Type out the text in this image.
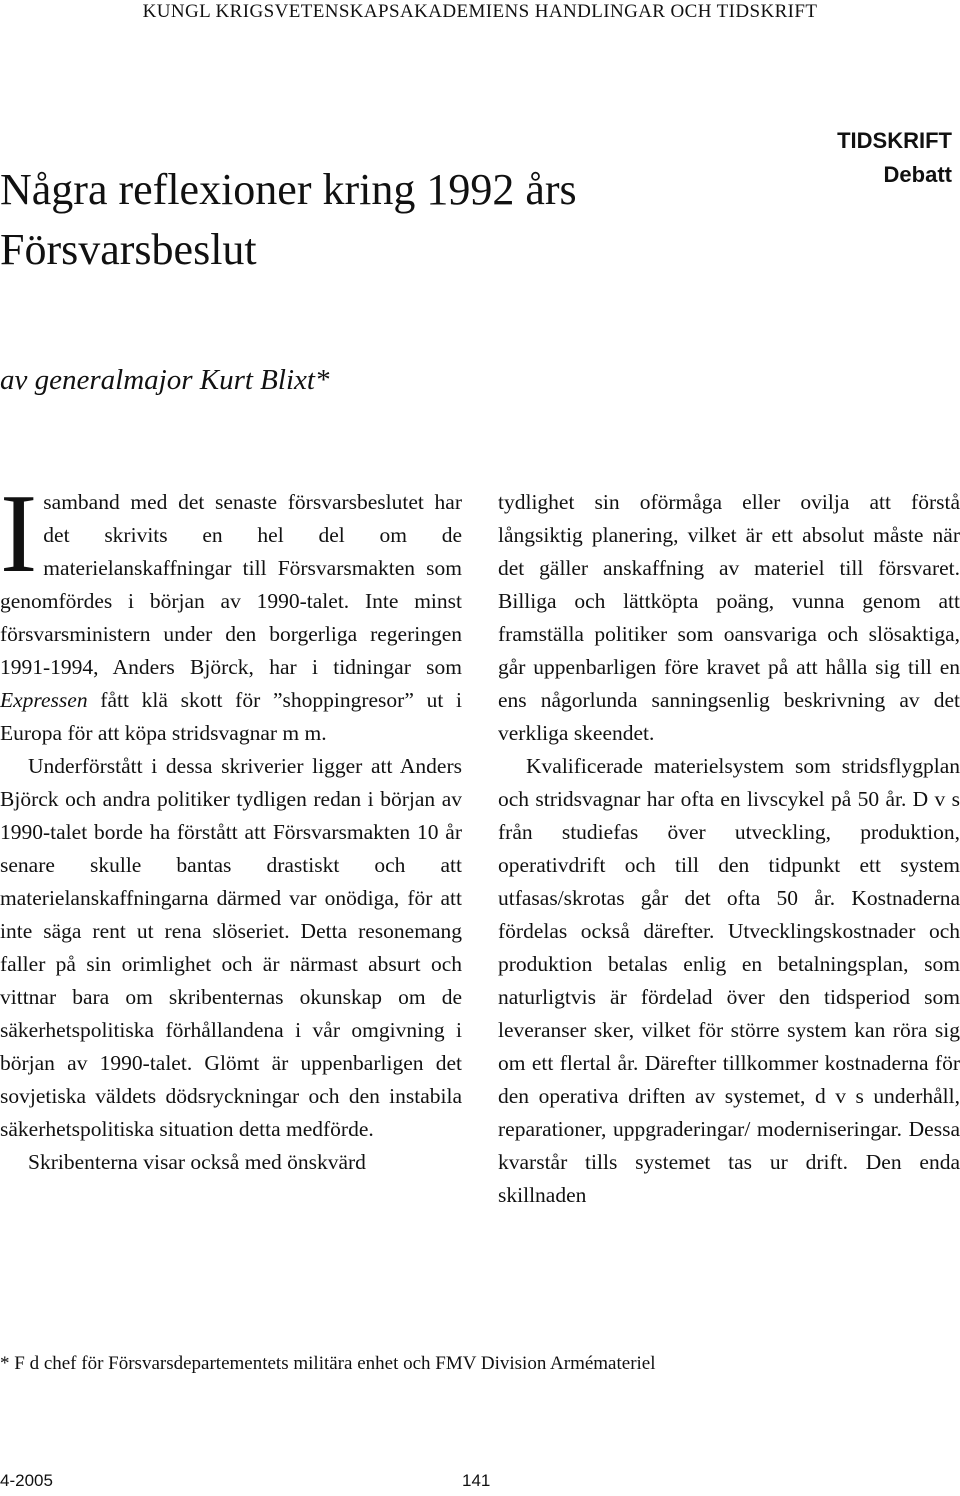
KUNGL KRIGSVETENSKAPSAKADEMIENS HANDLINGAR OCH TIDSKRIFT
TIDSKRIFT
Debatt
Några reflexioner kring 1992 års
Försvarsbeslut
av generalmajor Kurt Blixt*

I samband med det senaste försvarsbeslutet har det skrivits en hel del om de materielanskaffningar till Försvarsmakten som genomfördes i början av 1990-talet. Inte minst försvarsministern under den borgerliga regeringen 1991-1994, Anders Björck, har i tidningar som Expressen fått klä skott för ”shoppingresor” ut i Europa för att köpa stridsvagnar m m.

Underförstått i dessa skriverier ligger att Anders Björck och andra politiker tydligen redan i början av 1990-talet borde ha förstått att Försvarsmakten 10 år senare skulle bantas drastiskt och att materielanskaffningarna därmed var onödiga, för att inte säga rent ut rena slöseriet. Detta resonemang faller på sin orimlighet och är närmast absurt och vittnar bara om skribenternas okunskap om de säkerhetspolitiska förhållandena i vår omgivning i början av 1990-talet. Glömt är uppenbarligen det sovjetiska väldets dödsryckningar och den instabila säkerhetspolitiska situation detta medförde.

Skribenterna visar också med önskvärd

tydlighet sin oförmåga eller ovilja att förstå långsiktig planering, vilket är ett absolut måste när det gäller anskaffning av materiel till försvaret. Billiga och lättköpta poäng, vunna genom att framställa politiker som oansvariga och slösaktiga, går uppenbarligen före kravet på att hålla sig till en ens någorlunda sanningsenlig beskrivning av det verkliga skeendet.

Kvalificerade materielsystem som stridsflygplan och stridsvagnar har ofta en livscykel på 50 år. D v s från studiefas över utveckling, produktion, operativdrift och till den tidpunkt ett system utfasas/skrotas går det ofta 50 år. Kostnaderna fördelas också därefter. Utvecklingskostnader och produktion betalas enlig en betalningsplan, som naturligtvis är fördelad över den tidsperiod som leveranser sker, vilket för större system kan röra sig om ett flertal år. Därefter tillkommer kostnaderna för den operativa driften av systemet, d v s underhåll, reparationer, uppgraderingar/ moderniseringar. Dessa kvarstår tills systemet tas ur drift. Den enda skillnaden

* F d chef för Försvarsdepartementets militära enhet och FMV Division Armémateriel
4-2005	141
